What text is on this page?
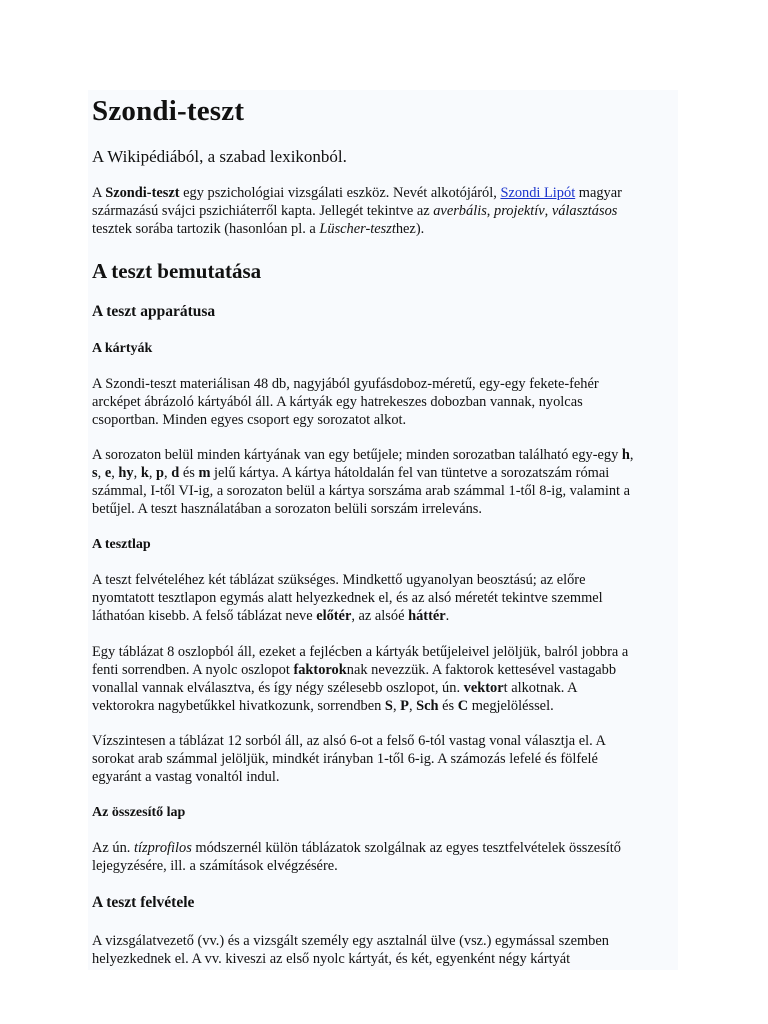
Szondi-teszt
A Wikipédiából, a szabad lexikonból.

A Szondi-teszt egy pszichológiai vizsgálati eszköz. Nevét alkotójáról, Szondi Lipót magyar
származású svájci pszichiáterről kapta. Jellegét tekintve az averbális, projektív, választásos
tesztek sorába tartozik (hasonlóan pl. a Lüscher-teszthez).

A teszt bemutatása
A teszt apparátusa
A kártyák

A Szondi-teszt materiálisan 48 db, nagyjából gyufásdoboz-méretű, egy-egy fekete-fehér
arcképet ábrázoló kártyából áll. A kártyák egy hatrekeszes dobozban vannak, nyolcas
csoportban. Minden egyes csoport egy sorozatot alkot.

A sorozaton belül minden kártyának van egy betűjele; minden sorozatban található egy-egy h,
s, e, hy, k, p, d és m jelű kártya. A kártya hátoldalán fel van tüntetve a sorozatszám római
számmal, I-től VI-ig, a sorozaton belül a kártya sorszáma arab számmal 1-től 8-ig, valamint a
betűjel. A teszt használatában a sorozaton belüli sorszám irreleváns.

A tesztlap

A teszt felvételéhez két táblázat szükséges. Mindkettő ugyanolyan beosztású; az előre
nyomtatott tesztlapon egymás alatt helyezkednek el, és az alsó méretét tekintve szemmel
láthatóan kisebb. A felső táblázat neve előtér, az alsóé háttér.

Egy táblázat 8 oszlopból áll, ezeket a fejlécben a kártyák betűjeleivel jelöljük, balról jobbra a
fenti sorrendben. A nyolc oszlopot faktoroknak nevezzük. A faktorok kettesével vastagabb
vonallal vannak elválasztva, és így négy szélesebb oszlopot, ún. vektort alkotnak. A
vektorokra nagybetűkkel hivatkozunk, sorrendben S, P, Sch és C megjelöléssel.

Vízszintesen a táblázat 12 sorból áll, az alsó 6-ot a felső 6-tól vastag vonal választja el. A
sorokat arab számmal jelöljük, mindkét irányban 1-től 6-ig. A számozás lefelé és fölfelé
egyaránt a vastag vonaltól indul.

Az összesítő lap

Az ún. tízprofilos módszernél külön táblázatok szolgálnak az egyes tesztfelvételek összesítő
lejegyzésére, ill. a számítások elvégzésére.

A teszt felvétele

A vizsgálatvezető (vv.) és a vizsgált személy egy asztalnál ülve (vsz.) egymással szemben
helyezkednek el. A vv. kiveszi az első nyolc kártyát, és két, egyenként négy kártyát
